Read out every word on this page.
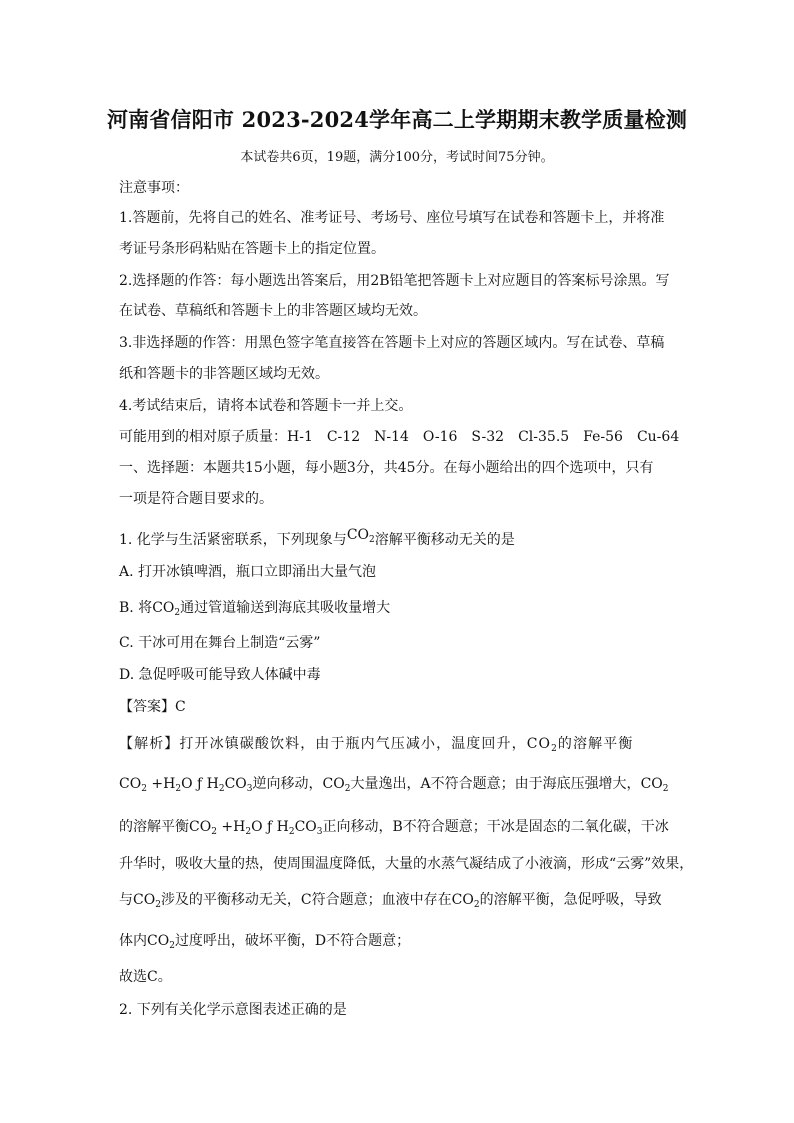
河南省信阳市 2023-2024学年高二上学期期末教学质量检测
本试卷共6页，19题，满分100分，考试时间75分钟。
注意事项：
1.答题前，先将自己的姓名、准考证号、考场号、座位号填写在试卷和答题卡上，并将准
考证号条形码粘贴在答题卡上的指定位置。
2.选择题的作答：每小题选出答案后，用2B铅笔把答题卡上对应题目的答案标号涂黑。写
在试卷、草稿纸和答题卡上的非答题区域均无效。
3.非选择题的作答：用黑色签字笔直接答在答题卡上对应的答题区域内。写在试卷、草稿
纸和答题卡的非答题区域均无效。
4.考试结束后，请将本试卷和答题卡一并上交。
可能用到的相对原子质量：H-1　C-12　N-14　O-16　S-32　Cl-35.5　Fe-56　Cu-64
一、选择题：本题共15小题，每小题3分，共45分。在每小题给出的四个选项中，只有
一项是符合题目要求的。
1. 化学与生活紧密联系，下列现象与$CO_2$溶解平衡移动无关的是
A. 打开冰镇啤酒，瓶口立即涌出大量气泡
B. 将$CO_2$通过管道输送到海底其吸收量增大
C. 干冰可用在舞台上制造“云雾”
D. 急促呼吸可能导致人体碱中毒
【答案】C
【解析】打开冰镇碳酸饮料，由于瓶内气压减小，温度回升，$CO_2$的溶解平衡
$CO_2 +H_2O$ ƒ $H_2CO_3$逆向移动，$CO_2$大量逸出，A不符合题意；由于海底压强增大，$CO_2$
的溶解平衡$CO_2 +H_2O$ ƒ $H_2CO_3$正向移动，B不符合题意；干冰是固态的二氧化碳，干冰
升华时，吸收大量的热，使周围温度降低，大量的水蒸气凝结成了小液滴，形成“云雾”效果，
与$CO_2$涉及的平衡移动无关，C符合题意；血液中存在$CO_2$的溶解平衡，急促呼吸，导致
体内$CO_2$过度呼出，破坏平衡，D不符合题意；
故选C。
2. 下列有关化学示意图表述正确的是
